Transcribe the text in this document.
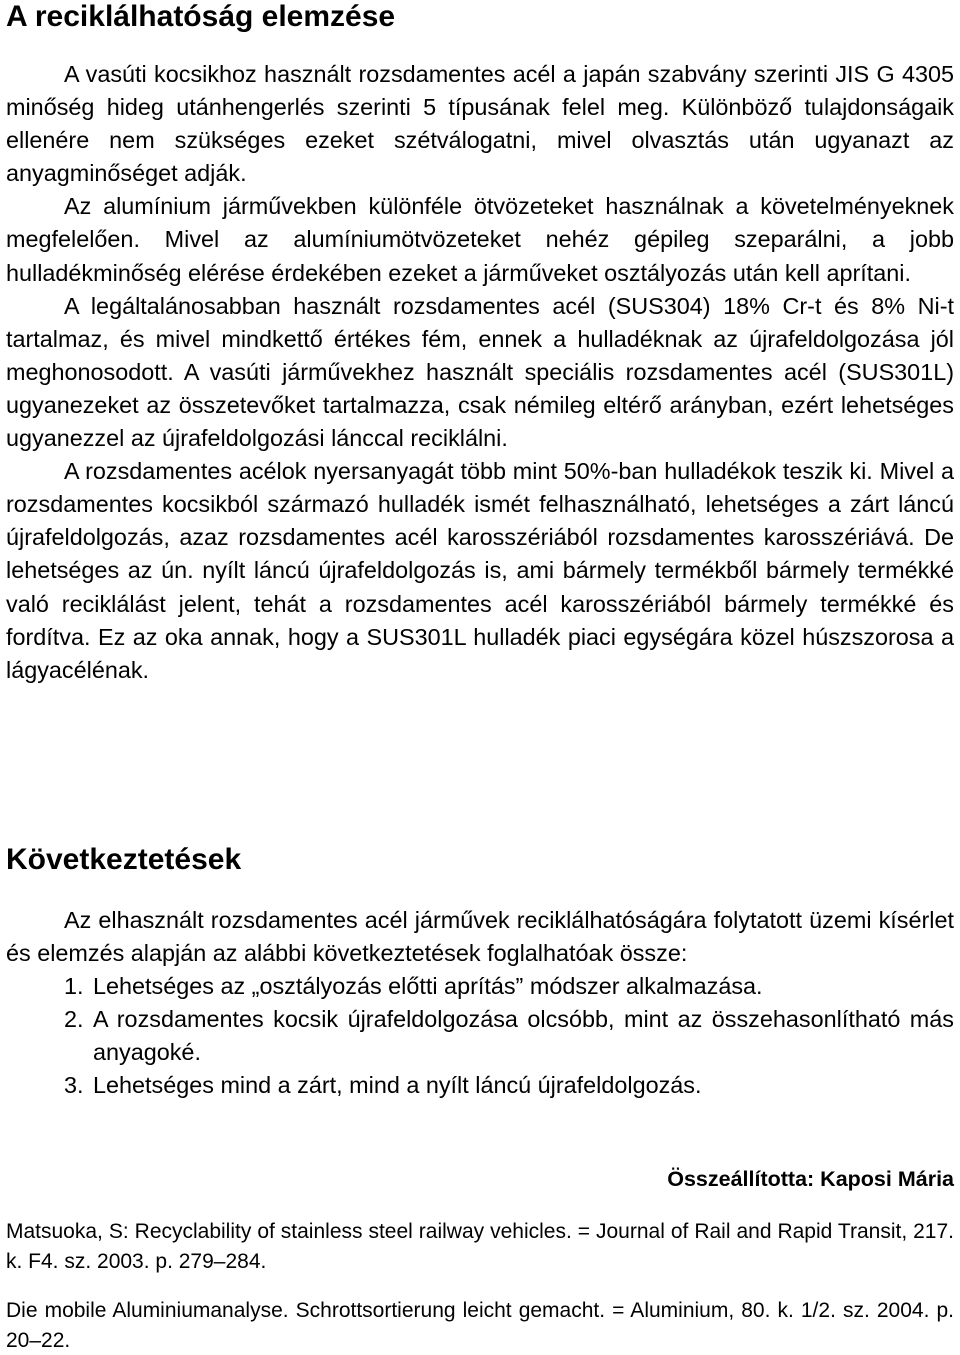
A reciklálhatóság elemzése

A vasúti kocsikhoz használt rozsdamentes acél a japán szabvány szerinti JIS G 4305 minőség hideg utánhengerlés szerinti 5 típusának felel meg. Különböző tulajdonságaik ellenére nem szükséges ezeket szétválogatni, mivel olvasztás után ugyanazt az anyagminőséget adják.

Az alumínium járművekben különféle ötvözeteket használnak a követelményeknek megfelelően. Mivel az alumíniumötvözeteket nehéz gépileg szeparálni, a jobb hulladékminőség elérése érdekében ezeket a járműveket osztályozás után kell aprítani.

A legáltalánosabban használt rozsdamentes acél (SUS304) 18% Cr-t és 8% Ni-t tartalmaz, és mivel mindkettő értékes fém, ennek a hulladéknak az újrafeldolgozása jól meghonosodott. A vasúti járművekhez használt speciális rozsdamentes acél (SUS301L) ugyanezeket az összetevőket tartalmazza, csak némileg eltérő arányban, ezért lehetséges ugyanezzel az újrafeldolgozási lánccal reciklálni.

A rozsdamentes acélok nyersanyagát több mint 50%-ban hulladékok teszik ki. Mivel a rozsdamentes kocsikból származó hulladék ismét felhasználható, lehetséges a zárt láncú újrafeldolgozás, azaz rozsdamentes acél karosszériából rozsdamentes karosszériává. De lehetséges az ún. nyílt láncú újrafeldolgozás is, ami bármely termékből bármely termékké való reciklálást jelent, tehát a rozsdamentes acél karosszériából bármely termékké és fordítva. Ez az oka annak, hogy a SUS301L hulladék piaci egységára közel húszszorosa a lágyacélénak.

Következtetések

Az elhasznált rozsdamentes acél járművek reciklálhatóságára folytatott üzemi kísérlet és elemzés alapján az alábbi következtetések foglalhatóak össze:

1. Lehetséges az „osztályozás előtti aprítás” módszer alkalmazása.
2. A rozsdamentes kocsik újrafeldolgozása olcsóbb, mint az összehasonlítható más anyagoké.
3. Lehetséges mind a zárt, mind a nyílt láncú újrafeldolgozás.
Összeállította: Kaposi Mária
Matsuoka, S: Recyclability of stainless steel railway vehicles. = Journal of Rail and Rapid Transit, 217. k. F4. sz. 2003. p. 279–284.
Die mobile Aluminiumanalyse. Schrottsortierung leicht gemacht. = Aluminium, 80. k. 1/2. sz. 2004. p. 20–22.
